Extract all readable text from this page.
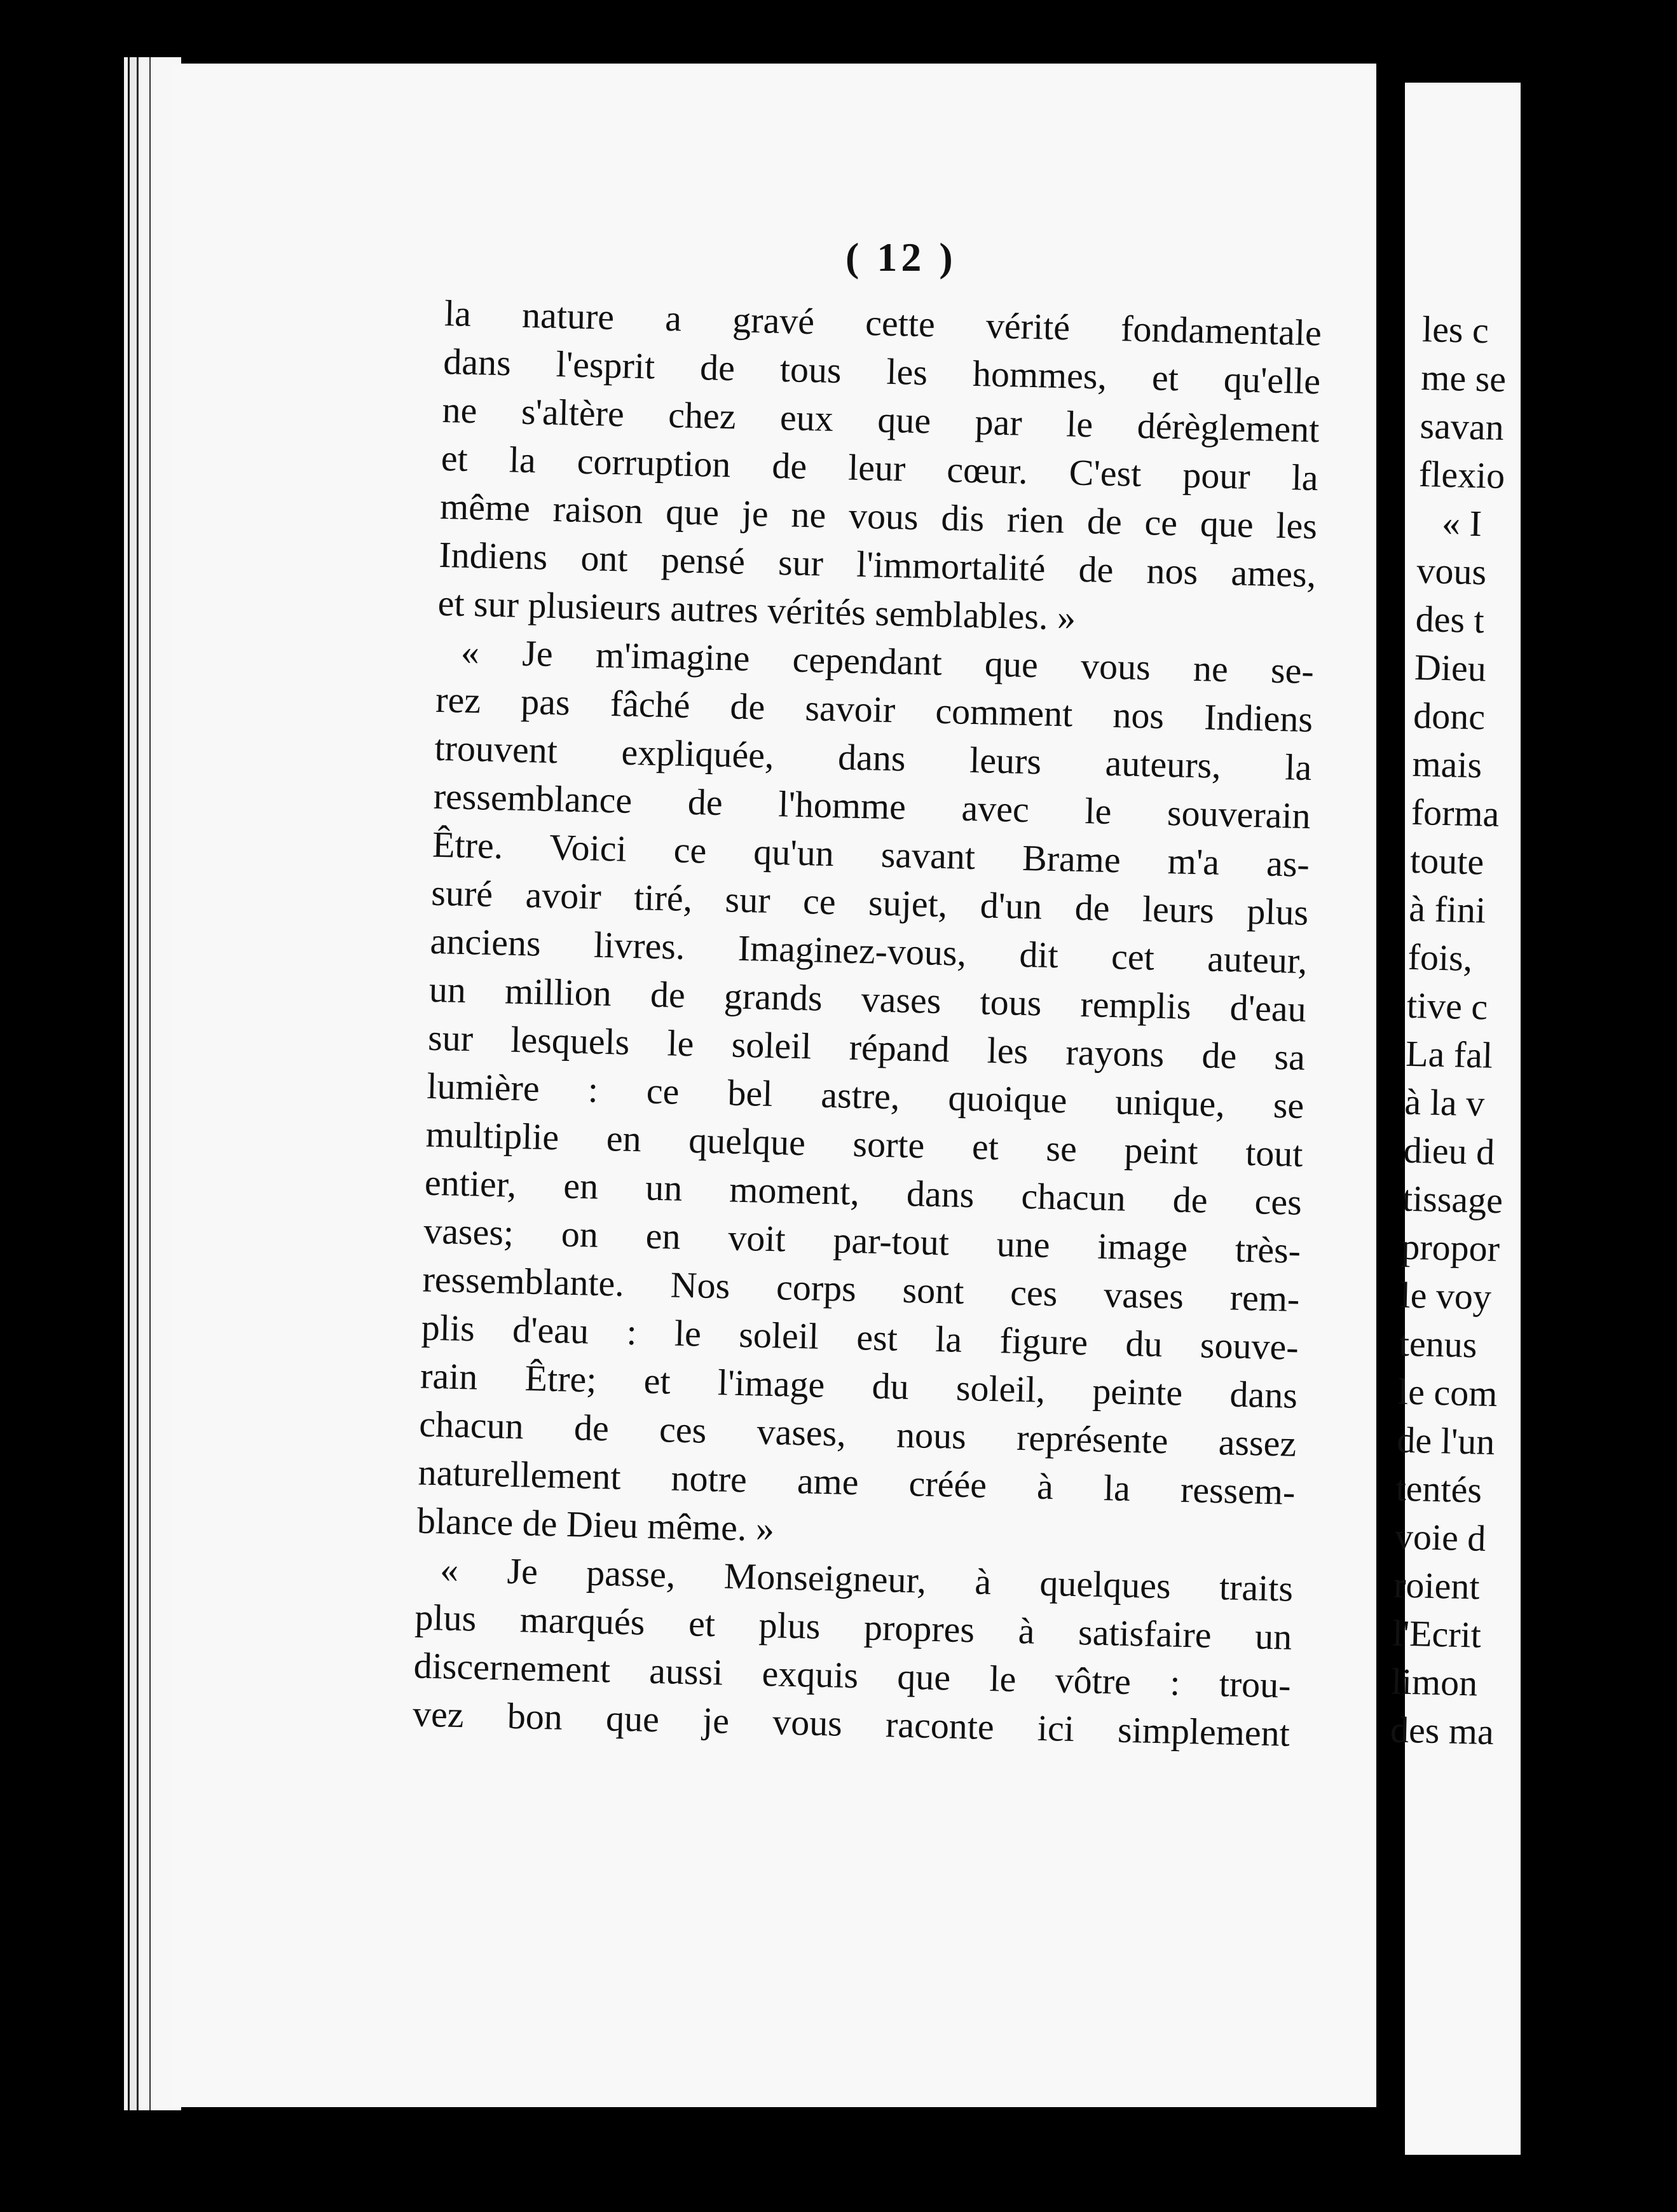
( 12 )
la nature a gravé cette vérité fondamentale
dans l'esprit de tous les hommes, et qu'elle
ne s'altère chez eux que par le dérèglement
et la corruption de leur cœur. C'est pour la
même raison que je ne vous dis rien de ce que les
Indiens ont pensé sur l'immortalité de nos ames,
et sur plusieurs autres vérités semblables. »
« Je m'imagine cependant que vous ne se-
rez pas fâché de savoir comment nos Indiens
trouvent expliquée, dans leurs auteurs, la
ressemblance de l'homme avec le souverain
Être. Voici ce qu'un savant Brame m'a as-
suré avoir tiré, sur ce sujet, d'un de leurs plus
anciens livres. Imaginez-vous, dit cet auteur,
un million de grands vases tous remplis d'eau
sur lesquels le soleil répand les rayons de sa
lumière : ce bel astre, quoique unique, se
multiplie en quelque sorte et se peint tout
entier, en un moment, dans chacun de ces
vases; on en voit par-tout une image très-
ressemblante. Nos corps sont ces vases rem-
plis d'eau : le soleil est la figure du souve-
rain Être; et l'image du soleil, peinte dans
chacun de ces vases, nous représente assez
naturellement notre ame créée à la ressem-
blance de Dieu même. »
« Je passe, Monseigneur, à quelques traits
plus marqués et plus propres à satisfaire un
discernement aussi exquis que le vôtre : trou-
vez bon que je vous raconte ici simplement
les c
me se
savan
flexio
« I
vous
des t
Dieu
donc
mais
forma
toute
à fini
fois,
tive c
La fal
à la v
dieu d
tissage
propor
le voy
tenus
le com
de l'un
tentés
voie d
roient
l'Ecrit
limon
des ma
